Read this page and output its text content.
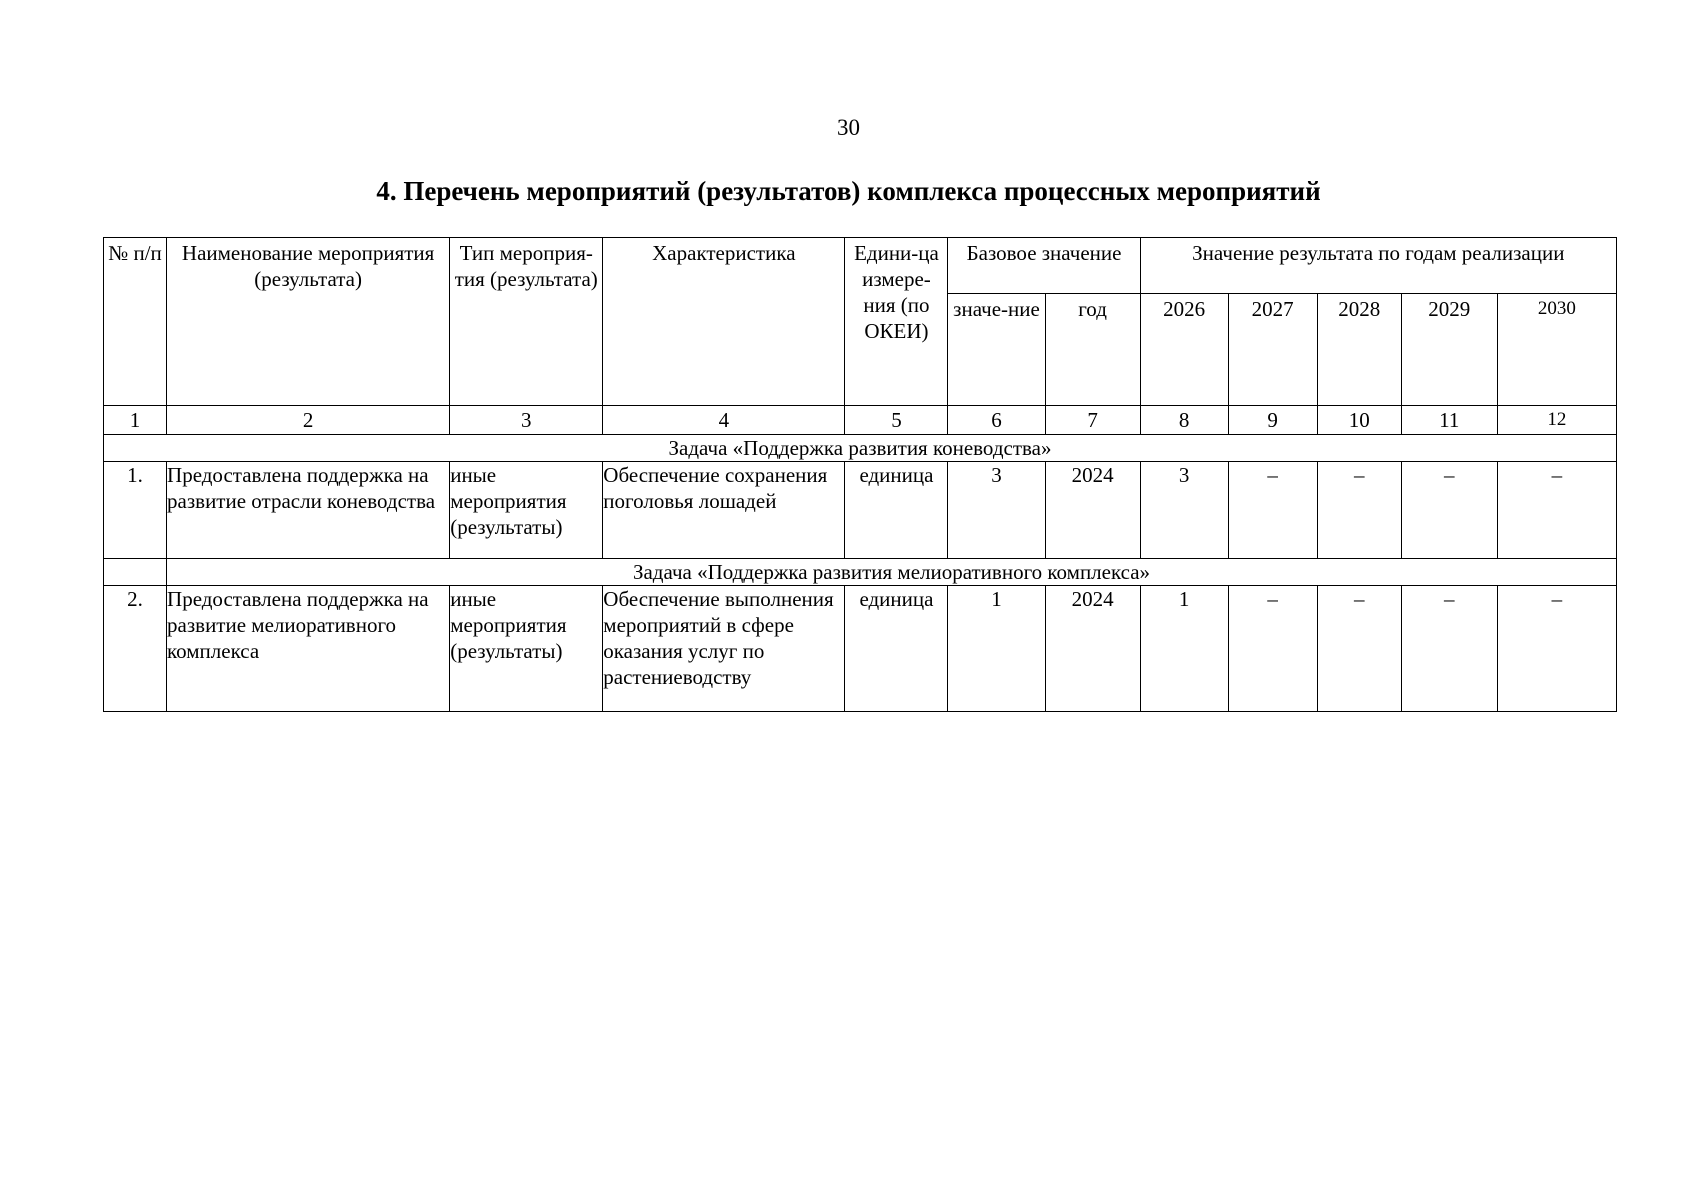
30
4. Перечень мероприятий (результатов) комплекса процессных мероприятий
№ п/п	Наименование мероприятия (результата)	Тип мероприя-тия (результата)	Характеристика	Едини-ца измере-ния (по ОКЕИ)	Базовое значение		Значение результата по годам реализации				
					значе-ние	год	2026	2027	2028	2029	2030
1	2	3	4	5	6	7	8	9	10	11	12
Задача «Поддержка развития коневодства»											
1.	Предоставлена поддержка на развитие отрасли коневодства	иные мероприятия (результаты)	Обеспечение сохранения поголовья лошадей	единица	3	2024	3	–	–	–	–
	Задача «Поддержка развития мелиоративного комплекса»										
2.	Предоставлена поддержка на развитие мелиоративного комплекса	иные мероприятия (результаты)	Обеспечение выполнения мероприятий в сфере оказания услуг по растениеводству	единица	1	2024	1	–	–	–	–
